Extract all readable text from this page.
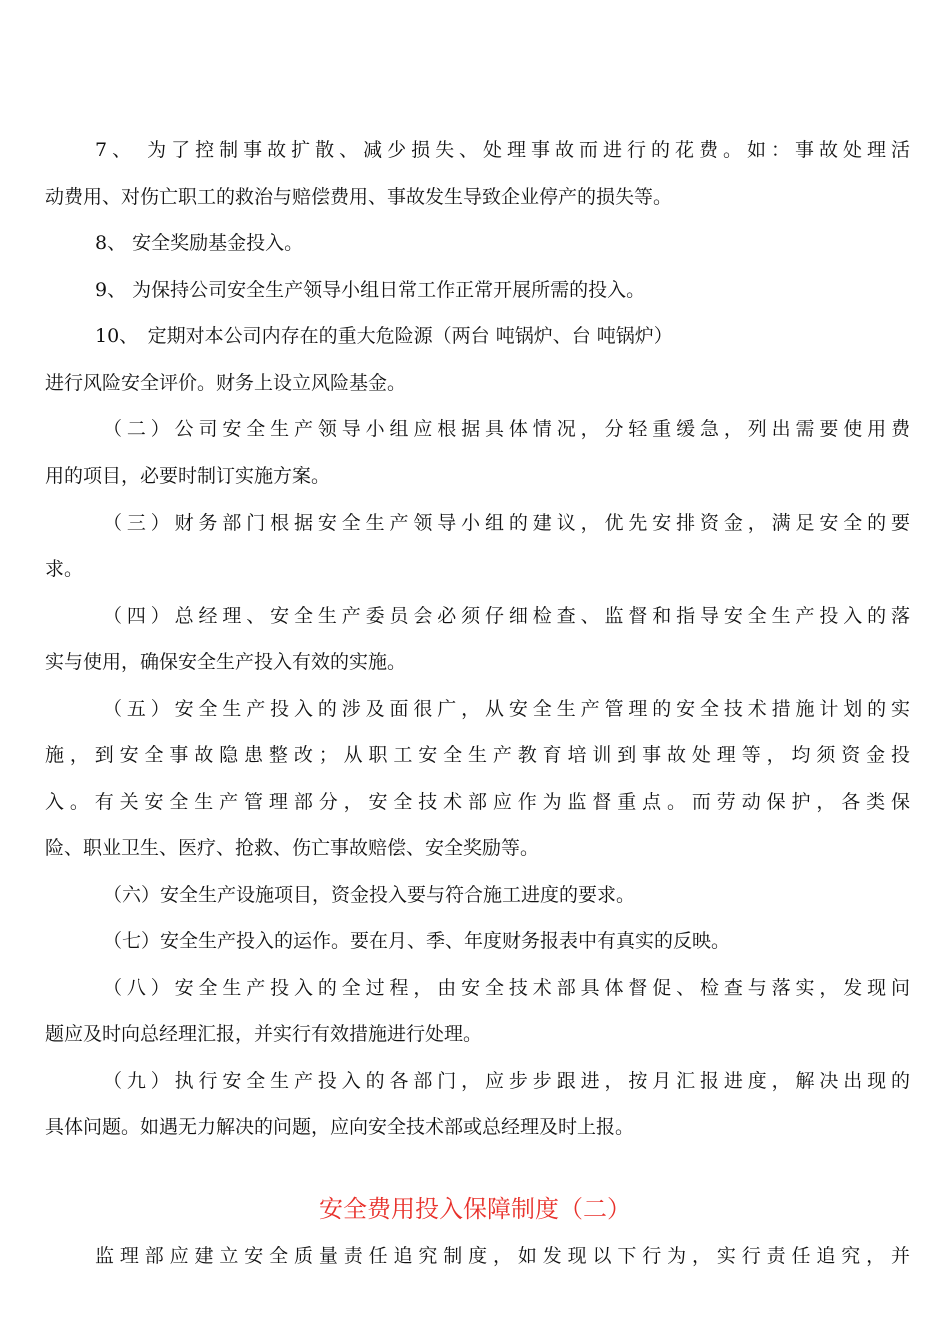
7、 为了控制事故扩散、减少损失、处理事故而进行的花费。如：事故处理活
动费用、对伤亡职工的救治与赔偿费用、事故发生导致企业停产的损失等。
8、 安全奖励基金投入。
9、 为保持公司安全生产领导小组日常工作正常开展所需的投入。
10、　定期对本公司内存在的重大危险源（两台 吨锅炉、台 吨锅炉）
进行风险安全评价。财务上设立风险基金。
（二）公司安全生产领导小组应根据具体情况，分轻重缓急，列出需要使用费
用的项目，必要时制订实施方案。
（三）财务部门根据安全生产领导小组的建议，优先安排资金，满足安全的要
求。
（四）总经理、安全生产委员会必须仔细检查、监督和指导安全生产投入的落
实与使用，确保安全生产投入有效的实施。
（五）安全生产投入的涉及面很广，从安全生产管理的安全技术措施计划的实
施，到安全事故隐患整改；从职工安全生产教育培训到事故处理等，均须资金投
入。有关安全生产管理部分，安全技术部应作为监督重点。而劳动保护，各类保
险、职业卫生、医疗、抢救、伤亡事故赔偿、安全奖励等。
（六）安全生产设施项目，资金投入要与符合施工进度的要求。
（七）安全生产投入的运作。要在月、季、年度财务报表中有真实的反映。
（八）安全生产投入的全过程，由安全技术部具体督促、检查与落实，发现问
题应及时向总经理汇报，并实行有效措施进行处理。
（九）执行安全生产投入的各部门，应步步跟进，按月汇报进度，解决出现的
具体问题。如遇无力解决的问题，应向安全技术部或总经理及时上报。
安全费用投入保障制度（二）
监理部应建立安全质量责任追究制度，如发现以下行为，实行责任追究，并
